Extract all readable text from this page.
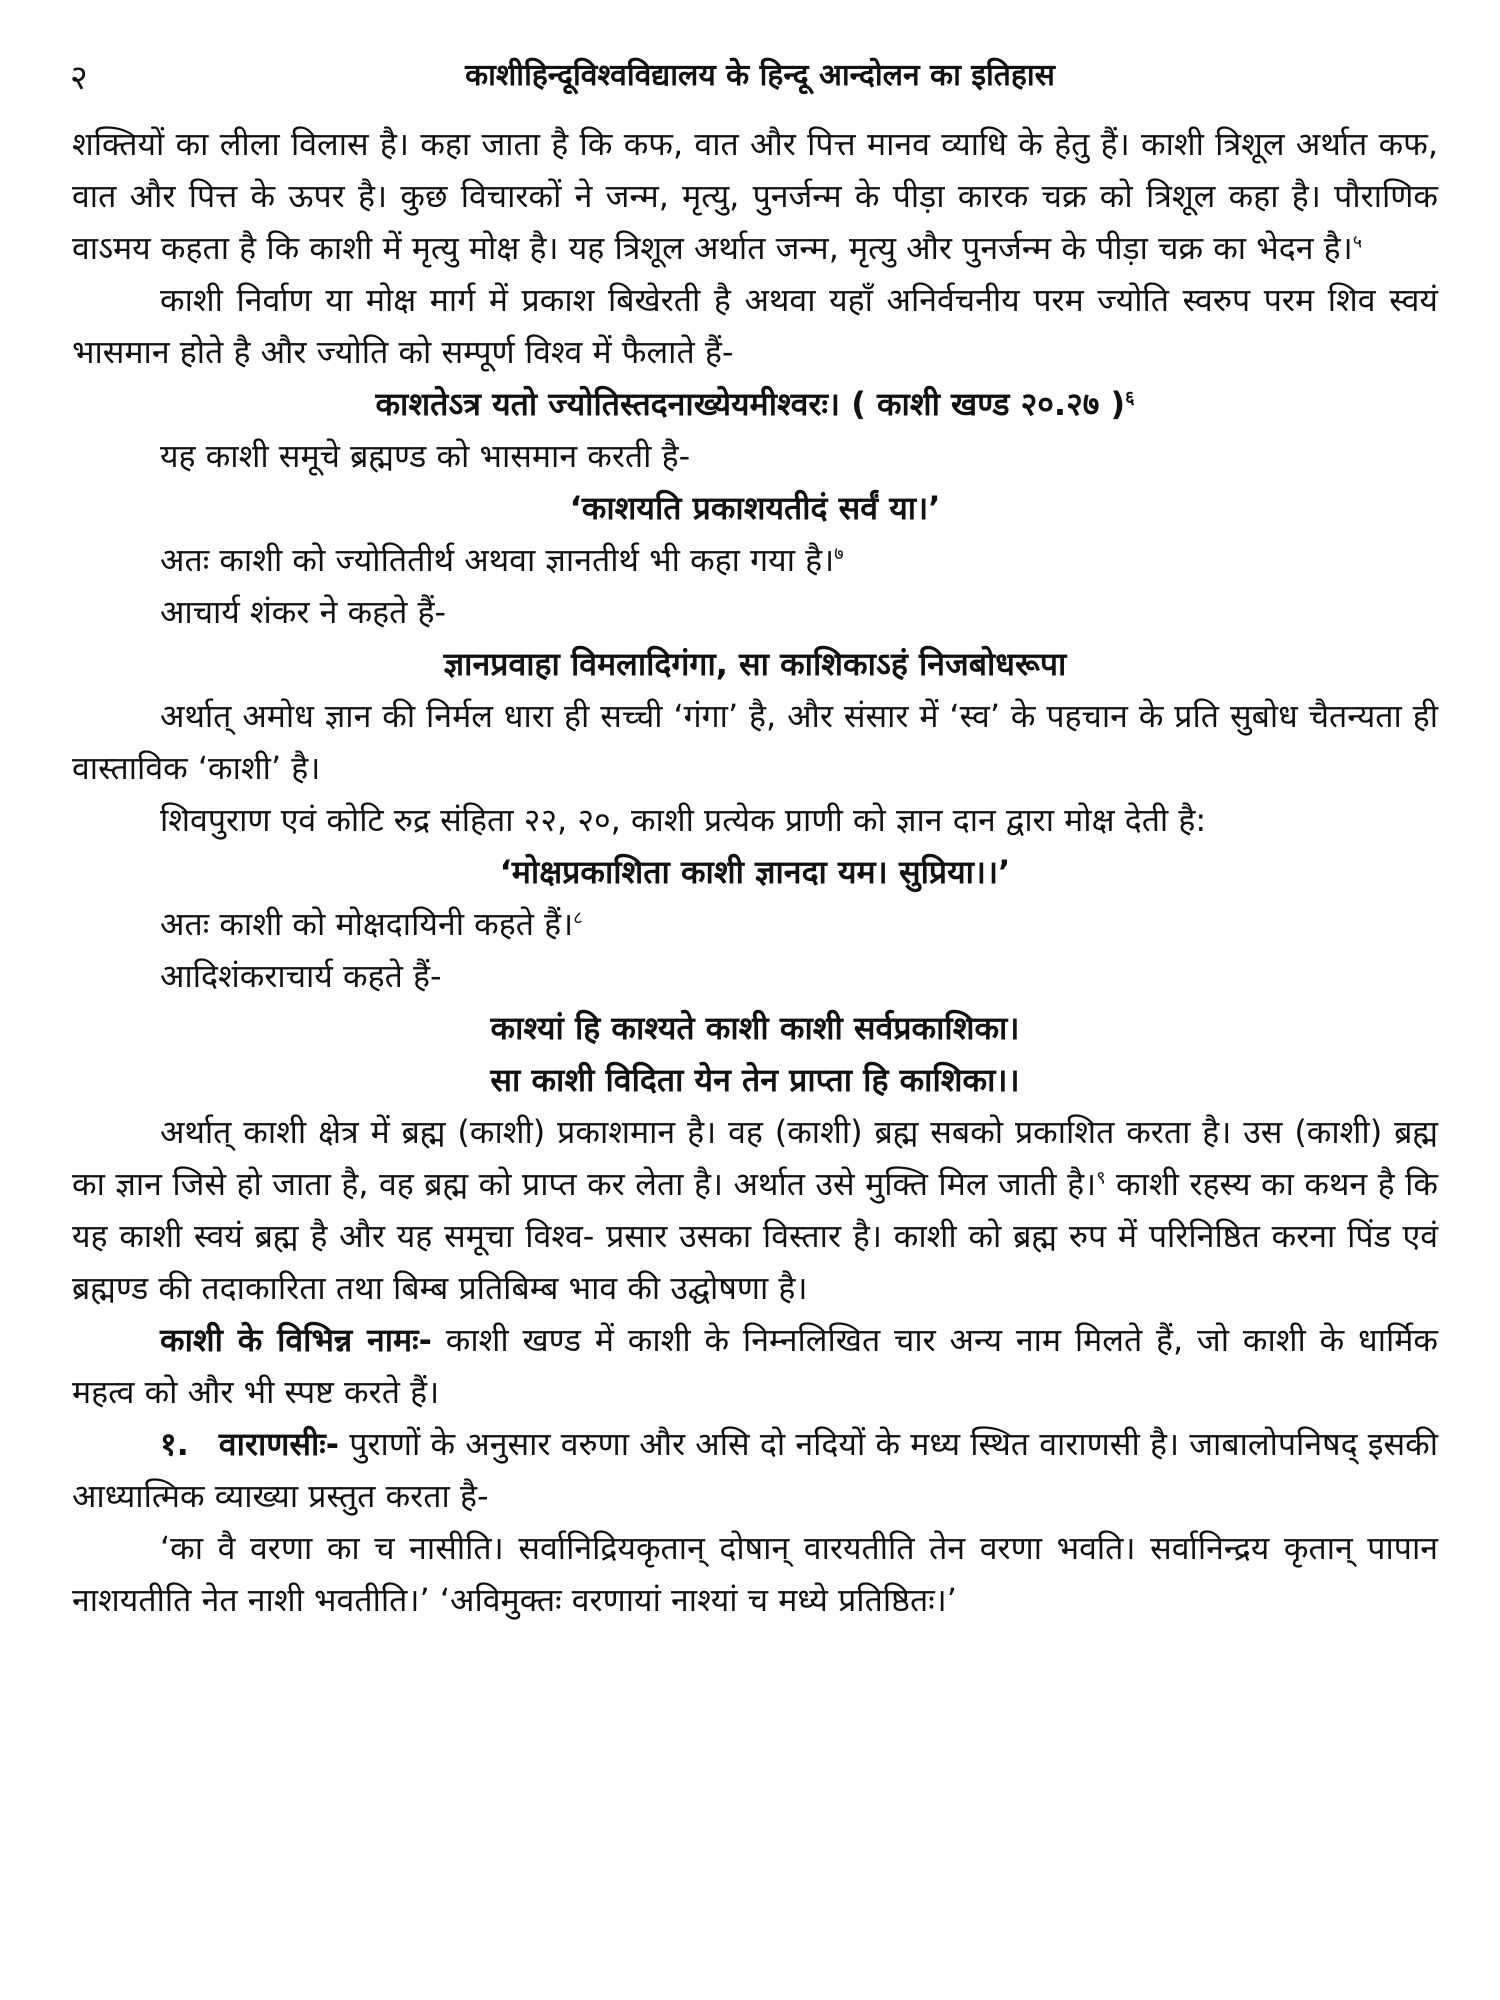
२	काशीहिन्दूविश्वविद्यालय के हिन्दू आन्दोलन का इतिहास

शक्तियों का लीला विलास है। कहा जाता है कि कफ, वात और पित्त मानव व्याधि के हेतु हैं। काशी त्रिशूल अर्थात कफ, वात और पित्त के ऊपर है। कुछ विचारकों ने जन्म, मृत्यु, पुनर्जन्म के पीड़ा कारक चक्र को त्रिशूल कहा है। पौराणिक वाऽमय कहता है कि काशी में मृत्यु मोक्ष है। यह त्रिशूल अर्थात जन्म, मृत्यु और पुनर्जन्म के पीड़ा चक्र का भेदन है।$^५$

काशी निर्वाण या मोक्ष मार्ग में प्रकाश बिखेरती है अथवा यहाँ अनिर्वचनीय परम ज्योति स्वरुप परम शिव स्वयं भासमान होते है और ज्योति को सम्पूर्ण विश्व में फैलाते हैं-

काशतेऽत्र यतो ज्योतिस्तदनाख्येयमीश्वरः। ( काशी खण्ड २०.२७ )$^६$

यह काशी समूचे ब्रह्मण्ड को भासमान करती है-

‘काशयति प्रकाशयतीदं सर्वं या।’

अतः काशी को ज्योतितीर्थ अथवा ज्ञानतीर्थ भी कहा गया है।$^७$

आचार्य शंकर ने कहते हैं-

ज्ञानप्रवाहा विमलादिगंगा, सा काशिकाऽहं निजबोधरूपा

अर्थात् अमोध ज्ञान की निर्मल धारा ही सच्ची ‘गंगा’ है, और संसार में ‘स्व’ के पहचान के प्रति सुबोध चैतन्यता ही वास्ताविक ‘काशी’ है।

शिवपुराण एवं कोटि रुद्र संहिता २२, २०, काशी प्रत्येक प्राणी को ज्ञान दान द्वारा मोक्ष देती है:

‘मोक्षप्रकाशिता काशी ज्ञानदा यम। सुप्रिया।।’

अतः काशी को मोक्षदायिनी कहते हैं।$^८$

आदिशंकराचार्य कहते हैं-

काश्यां हि काश्यते काशी काशी सर्वप्रकाशिका।

सा काशी विदिता येन तेन प्राप्ता हि काशिका।।

अर्थात् काशी क्षेत्र में ब्रह्म (काशी) प्रकाशमान है। वह (काशी) ब्रह्म सबको प्रकाशित करता है। उस (काशी) ब्रह्म का ज्ञान जिसे हो जाता है, वह ब्रह्म को प्राप्त कर लेता है। अर्थात उसे मुक्ति मिल जाती है।$^९$ काशी रहस्य का कथन है कि यह काशी स्वयं ब्रह्म है और यह समूचा विश्व- प्रसार उसका विस्तार है। काशी को ब्रह्म रुप में परिनिष्ठित करना पिंड एवं ब्रह्मण्ड की तदाकारिता तथा बिम्ब प्रतिबिम्ब भाव की उद्घोषणा है।

काशी के विभिन्न नामः- काशी खण्ड में काशी के निम्नलिखित चार अन्य नाम मिलते हैं, जो काशी के धार्मिक महत्व को और भी स्पष्ट करते हैं।

१. वाराणसीः- पुराणों के अनुसार वरुणा और असि दो नदियों के मध्य स्थित वाराणसी है। जाबालोपनिषद् इसकी आध्यात्मिक व्याख्या प्रस्तुत करता है-

‘का वै वरणा का च नासीति। सर्वानिद्रियकृतान् दोषान् वारयतीति तेन वरणा भवति। सर्वानिन्द्रय कृतान् पापान नाशयतीति नेत नाशी भवतीति।’ ‘अविमुक्तः वरणायां नाश्यां च मध्ये प्रतिष्ठितः।’
